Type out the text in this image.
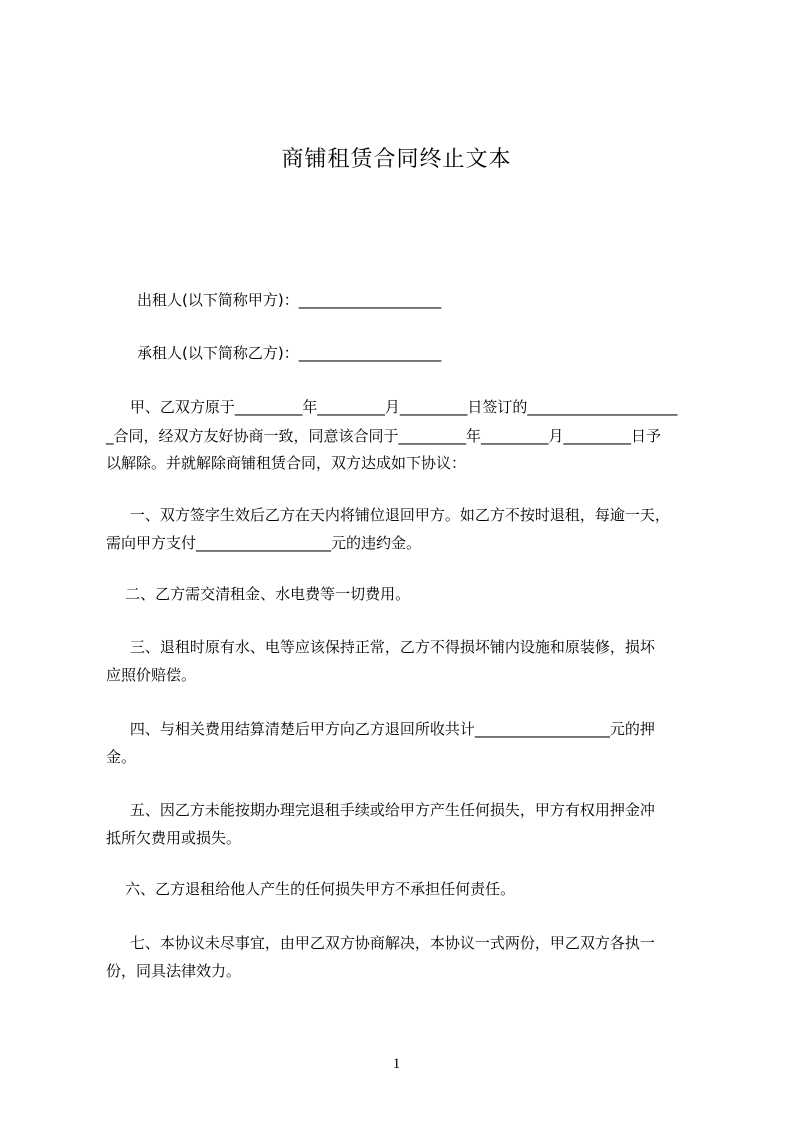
商铺租赁合同终止文本
出租人(以下简称甲方)：___________________
承租人(以下简称乙方)：___________________
甲、乙双方原于_________年_________月_________日签订的____________________
_合同，经双方友好协商一致，同意该合同于_________年_________月_________日予
以解除。并就解除商铺租赁合同，双方达成如下协议：
一、双方签字生效后乙方在天内将铺位退回甲方。如乙方不按时退租，每逾一天，
需向甲方支付__________________元的违约金。
二、乙方需交清租金、水电费等一切费用。
三、退租时原有水、电等应该保持正常，乙方不得损坏铺内设施和原装修，损坏
应照价赔偿。
四、与相关费用结算清楚后甲方向乙方退回所收共计__________________元的押
金。
五、因乙方未能按期办理完退租手续或给甲方产生任何损失，甲方有权用押金冲
抵所欠费用或损失。
六、乙方退租给他人产生的任何损失甲方不承担任何责任。
七、本协议未尽事宜，由甲乙双方协商解决，本协议一式两份，甲乙双方各执一
份，同具法律效力。
1
